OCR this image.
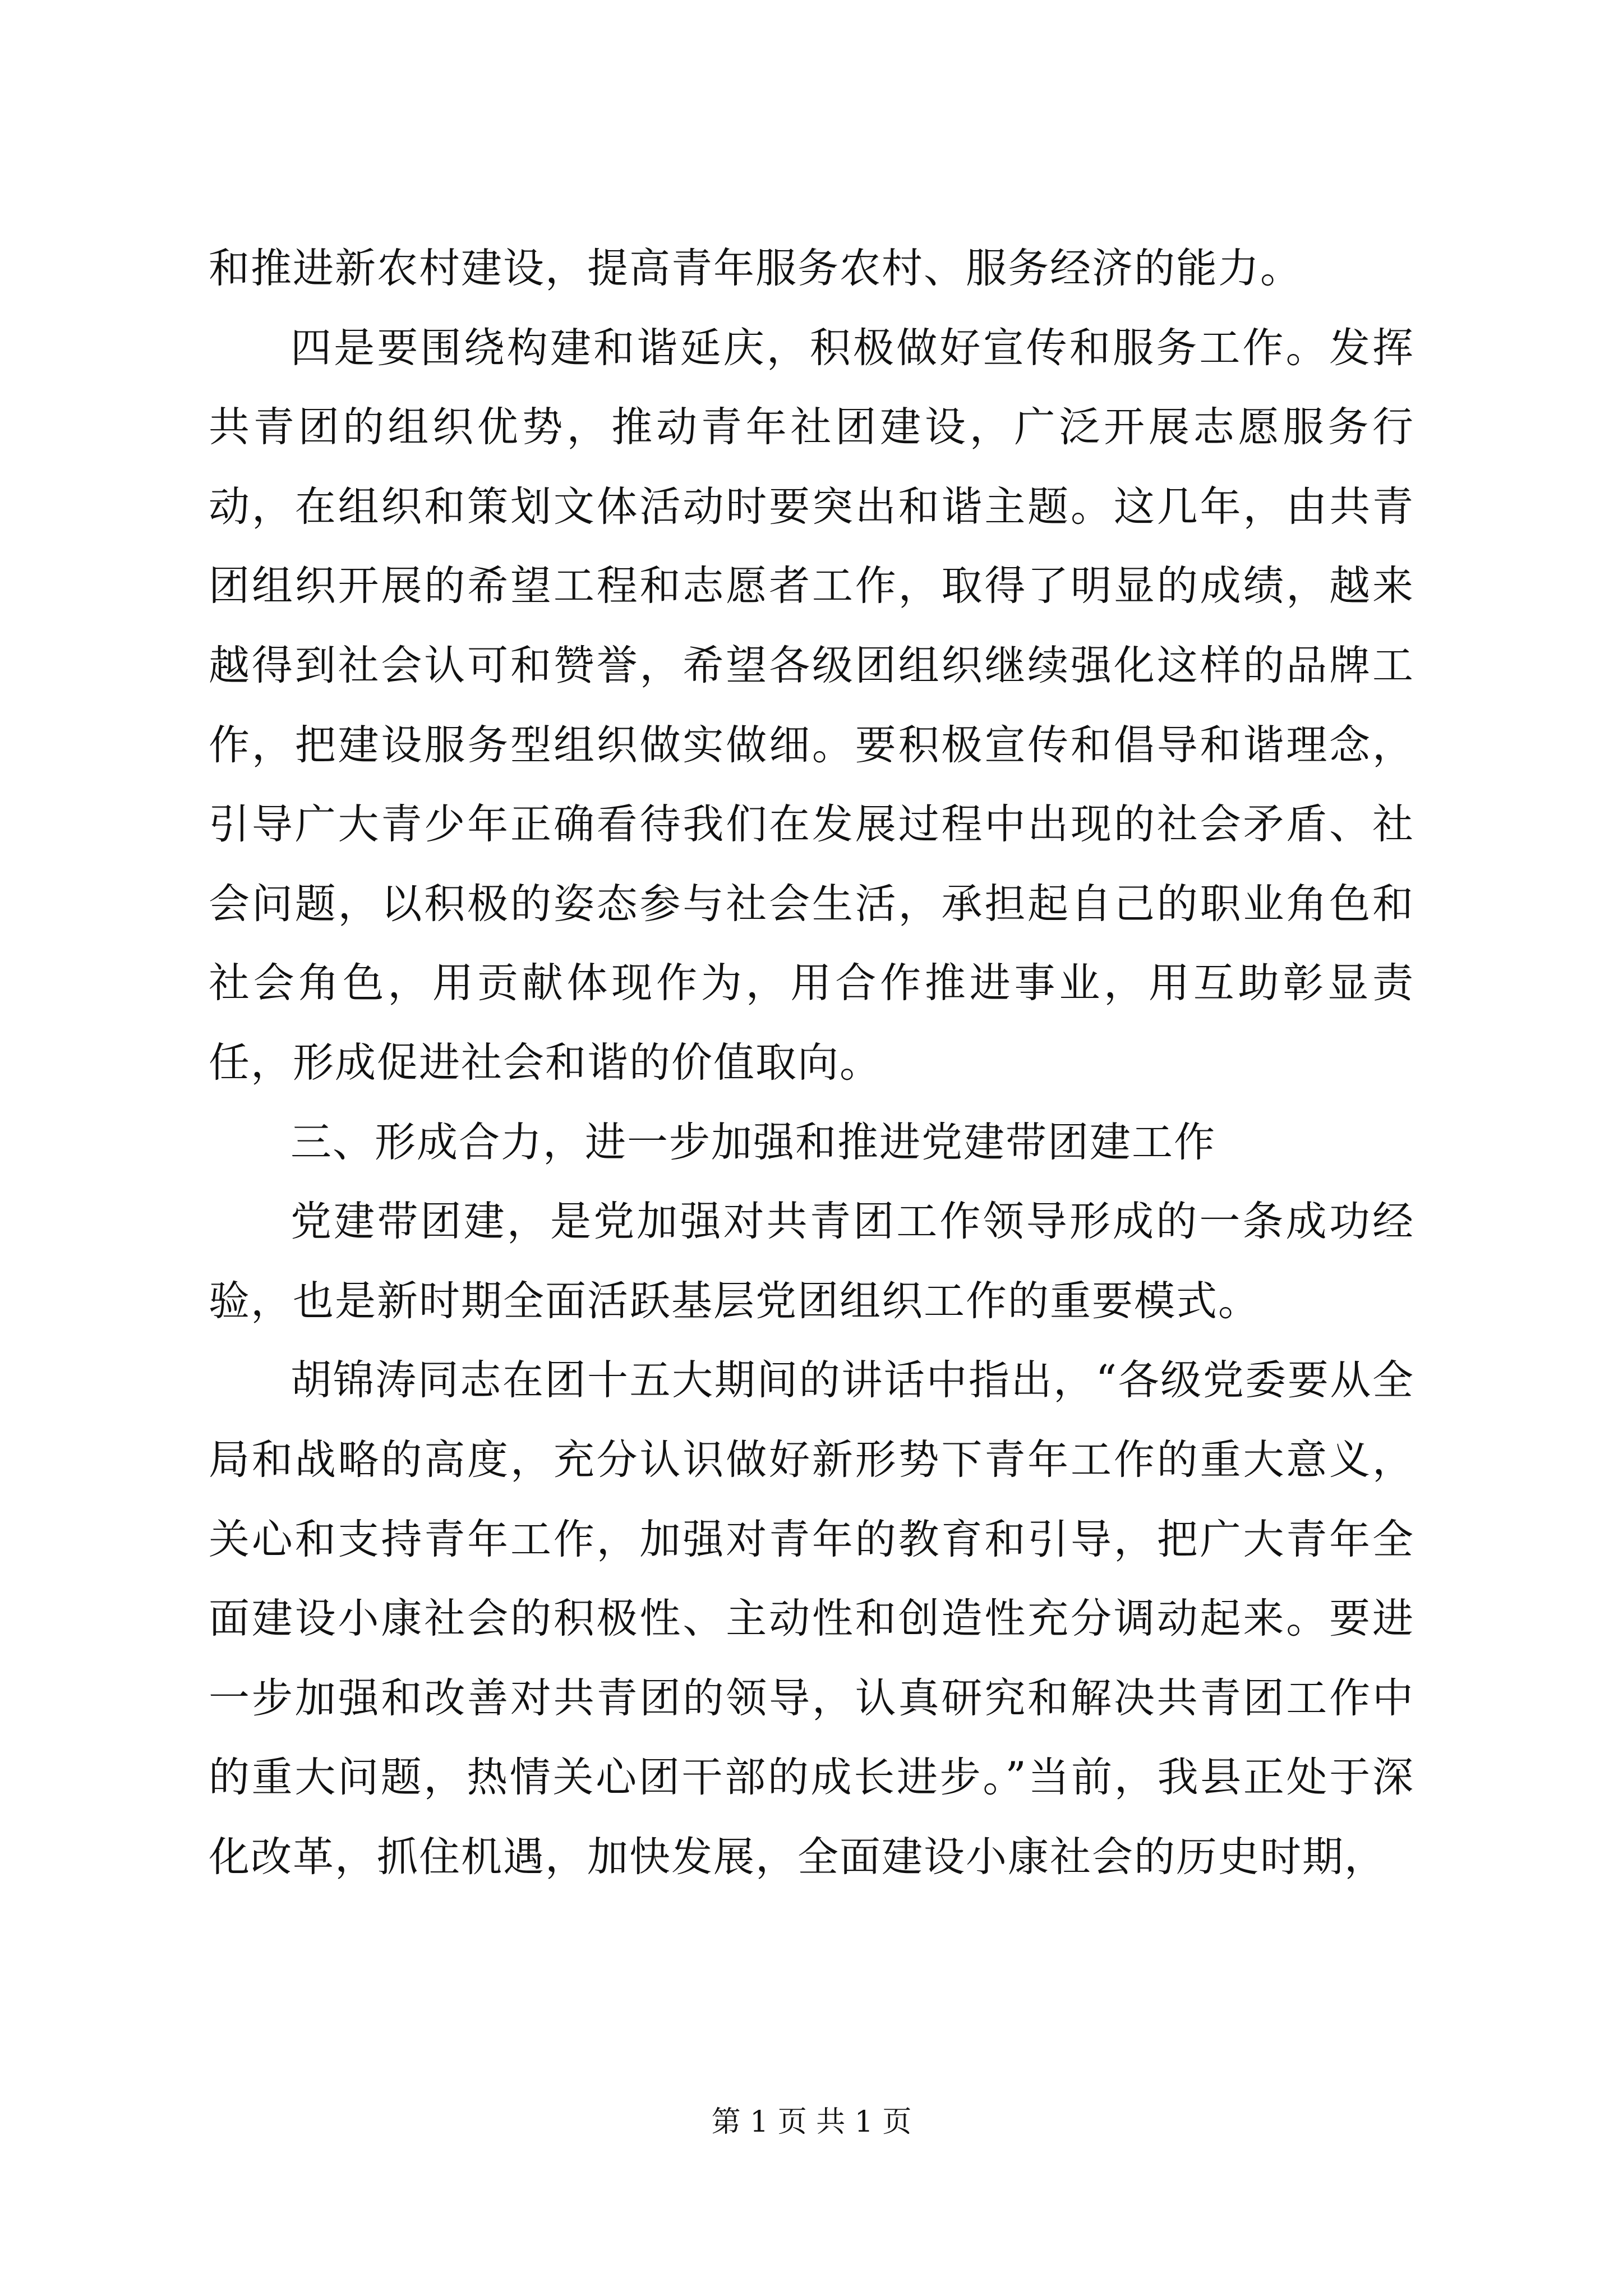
和推进新农村建设，提高青年服务农村、服务经济的能力。

四是要围绕构建和谐延庆，积极做好宣传和服务工作。发挥共青团的组织优势，推动青年社团建设，广泛开展志愿服务行动，在组织和策划文体活动时要突出和谐主题。这几年，由共青团组织开展的希望工程和志愿者工作，取得了明显的成绩，越来越得到社会认可和赞誉，希望各级团组织继续强化这样的品牌工作，把建设服务型组织做实做细。要积极宣传和倡导和谐理念，引导广大青少年正确看待我们在发展过程中出现的社会矛盾、社会问题，以积极的姿态参与社会生活，承担起自己的职业角色和社会角色，用贡献体现作为，用合作推进事业，用互助彰显责任，形成促进社会和谐的价值取向。

三、形成合力，进一步加强和推进党建带团建工作

党建带团建，是党加强对共青团工作领导形成的一条成功经验，也是新时期全面活跃基层党团组织工作的重要模式。

胡锦涛同志在团十五大期间的讲话中指出，“各级党委要从全局和战略的高度，充分认识做好新形势下青年工作的重大意义，关心和支持青年工作，加强对青年的教育和引导，把广大青年全面建设小康社会的积极性、主动性和创造性充分调动起来。要进一步加强和改善对共青团的领导，认真研究和解决共青团工作中的重大问题，热情关心团干部的成长进步。”当前，我县正处于深化改革，抓住机遇，加快发展，全面建设小康社会的历史时期，

第 1 页 共 1 页
